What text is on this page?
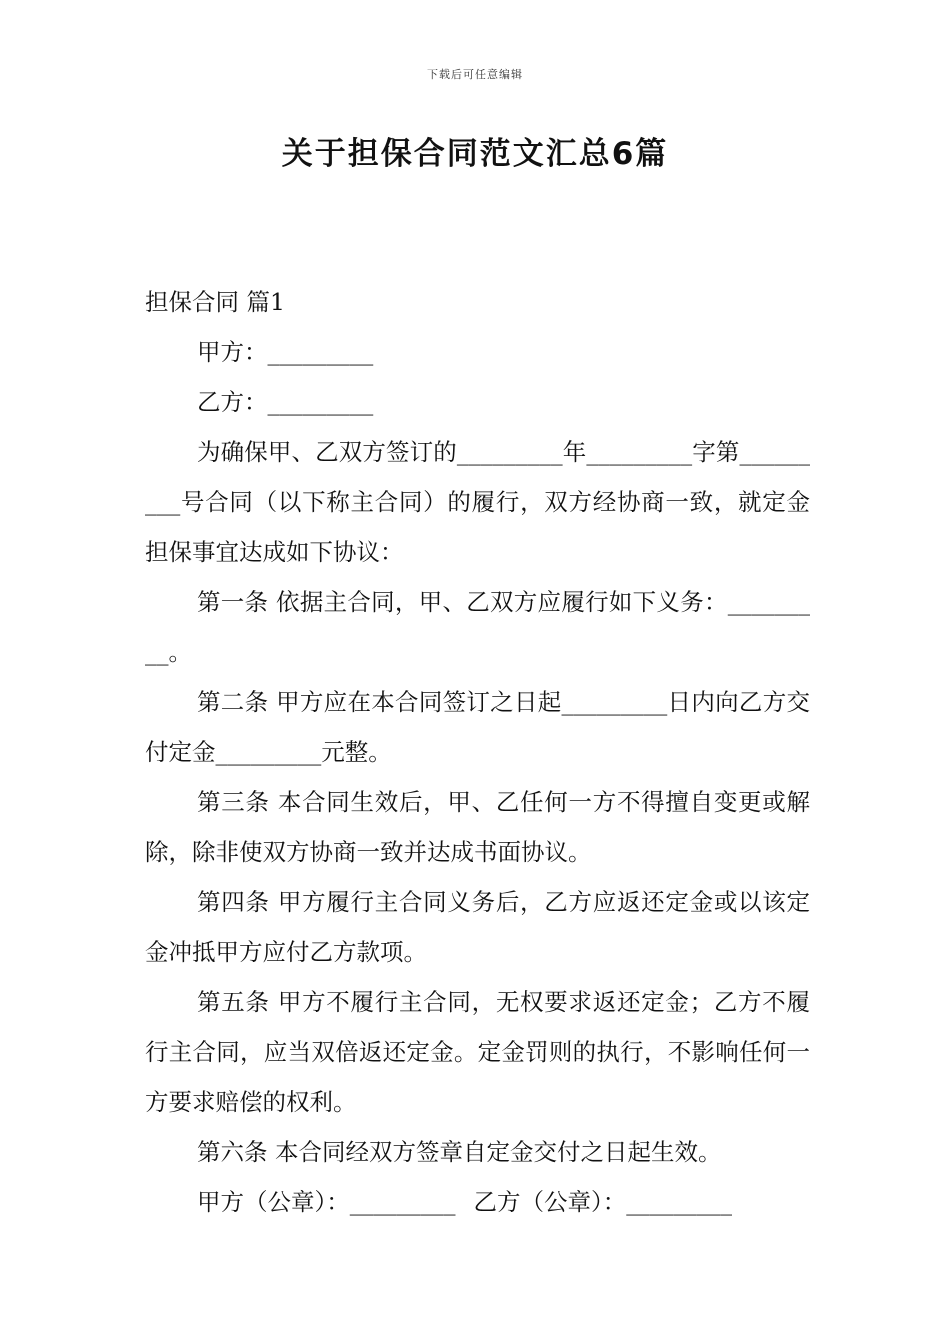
下载后可任意编辑
关于担保合同范文汇总6篇

担保合同 篇1

甲方：_________

乙方：_________

为确保甲、乙双方签订的_________年_________字第_________号合同（以下称主合同）的履行，双方经协商一致，就定金担保事宜达成如下协议：

第一条 依据主合同，甲、乙双方应履行如下义务：_________。

第二条 甲方应在本合同签订之日起_________日内向乙方交付定金_________元整。

第三条 本合同生效后，甲、乙任何一方不得擅自变更或解除，除非使双方协商一致并达成书面协议。

第四条 甲方履行主合同义务后，乙方应返还定金或以该定金冲抵甲方应付乙方款项。

第五条 甲方不履行主合同，无权要求返还定金；乙方不履行主合同，应当双倍返还定金。定金罚则的执行，不影响任何一方要求赔偿的权利。

第六条 本合同经双方签章自定金交付之日起生效。

甲方（公章）：_________ 乙方（公章）：_________
